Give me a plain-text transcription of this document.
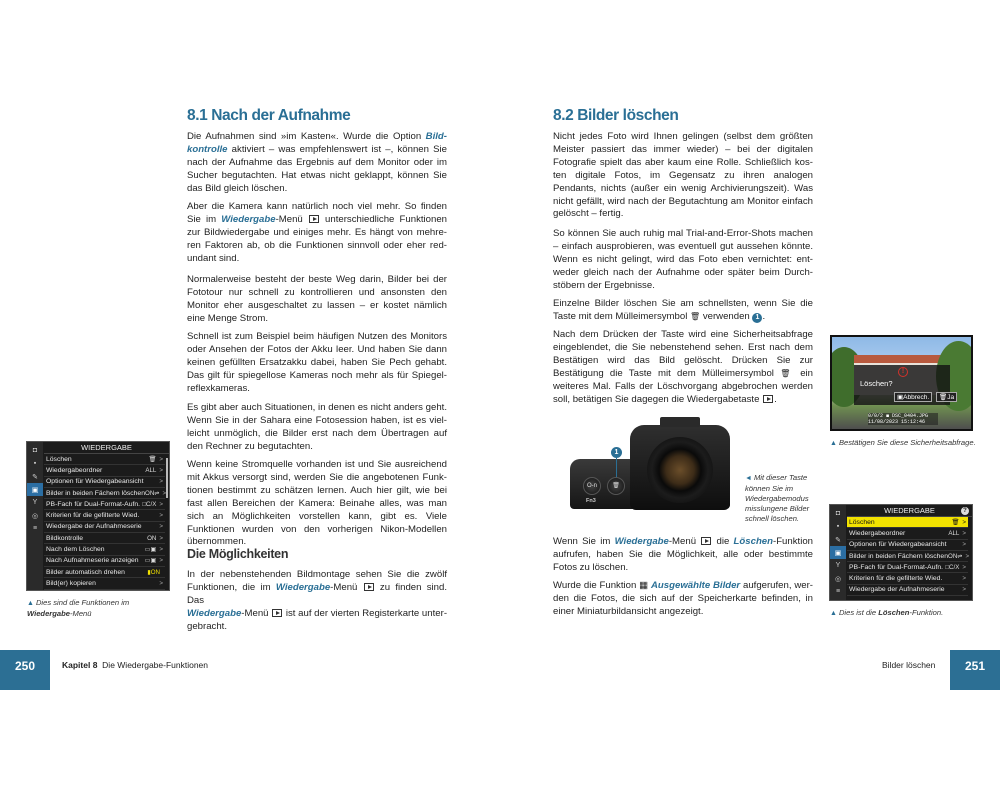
8.1 Nach der Aufnahme

Die Aufnahmen sind »im Kasten«. Wurde die Option Bildkontrolle aktiviert – was empfehlenswert ist –, können Sie nach der Aufnahme das Ergebnis auf dem Monitor oder im Sucher begutachten. Hat etwas nicht geklappt, können Sie das Bild gleich löschen.

Aber die Kamera kann natürlich noch viel mehr. So finden Sie im Wiedergabe-Menü  unterschiedliche Funktionen zur Bildwiedergabe und einiges mehr. Es hängt von mehreren Faktoren ab, ob die Funktionen sinnvoll oder eher redundant sind.

Normalerweise besteht der beste Weg darin, Bilder bei der Fototour nur schnell zu kontrollieren und ansonsten den Monitor eher ausgeschaltet zu lassen – er kostet nämlich eine Menge Strom.

Schnell ist zum Beispiel beim häufigen Nutzen des Monitors oder Ansehen der Fotos der Akku leer. Und haben Sie dann keinen gefüllten Ersatzakku dabei, haben Sie Pech gehabt. Das gilt für spiegellose Kameras noch mehr als für Spiegelreflexkameras.

Es gibt aber auch Situationen, in denen es nicht anders geht. Wenn Sie in der Sahara eine Fotosession haben, ist es vielleicht unmöglich, die Bilder erst nach dem Übertragen auf den Rechner zu begutachten.

Wenn keine Stromquelle vorhanden ist und Sie ausreichend mit Akkus versorgt sind, werden Sie die angebotenen Funktionen bestimmt zu schätzen lernen. Auch hier gilt, wie bei fast allen Bereichen der Kamera: Beinahe alles, was man sich an Möglichkeiten vorstellen kann, gibt es. Viele Funktionen wurden von den vorherigen Nikon-Modellen übernommen.

Die Möglichkeiten

In der nebenstehenden Bildmontage sehen Sie die zwölf Funktionen, die im Wiedergabe-Menü  zu finden sind. Das
Wiedergabe-Menü  ist auf der vierten Registerkarte untergebracht.

◘
▪
✎
▣
Y
◎
≡
WIEDERGABE
Löschen	🗑 >
Wiedergabeordner	ALL >
Optionen für Wiedergabeansicht	>
Bilder in beiden Fächern löschen ON⇌ >
PB-Fach für Dual-Format-Aufn. □C/X >
Kriterien für die gefilterte Wied.	>
Wiedergabe der Aufnahmeserie	>
Bildkontrolle	ON >
Nach dem Löschen	▭▣ >
Nach Aufnahmeserie anzeigen ▭▣ >
Bilder automatisch drehen	▮ON
Bild(er) kopieren	>

▲ Dies sind die Funktionen im
Wiedergabe-Menü

250	Kapitel 8 Die Wiedergabe-Funktionen
8.2 Bilder löschen

Nicht jedes Foto wird Ihnen gelingen (selbst dem größten Meister passiert das immer wieder) – bei der digitalen Fotografie spielt das aber kaum eine Rolle. Schließlich kosten digitale Fotos, im Gegensatz zu ihren analogen Pendants, nichts (außer ein wenig Archivierungszeit). Was nicht gefällt, wird nach der Begutachtung am Monitor einfach gelöscht – fertig.

So können Sie auch ruhig mal Trial-and-Error-Shots machen – einfach ausprobieren, was eventuell gut aussehen könnte. Wenn es nicht gelingt, wird das Foto eben vernichtet: entweder gleich nach der Aufnahme oder später beim Durchstöbern der Ergebnisse.

Einzelne Bilder löschen Sie am schnellsten, wenn Sie die Taste mit dem Mülleimersymbol 🗑 verwenden 1 .

Nach dem Drücken der Taste wird eine Sicherheitsabfrage eingeblendet, die Sie nebenstehend sehen. Erst nach dem Bestätigen wird das Bild gelöscht. Drücken Sie zur Bestätigung die Taste mit dem Mülleimersymbol 🗑 ein weiteres Mal. Falls der Löschvorgang abgebrochen werden soll, betätigen Sie dagegen die Wiedergabetaste .

O-n
Fn3
🗑
1

◄ Mit dieser Taste können Sie im Wiedergabemodus misslungene Bilder schnell löschen.

Wenn Sie im Wiedergabe-Menü  die Löschen-Funktion aufrufen, haben Sie die Möglichkeit, alle oder bestimmte Fotos zu löschen.

Wurde die Funktion ▦ Ausgewählte Bilder aufgerufen, werden die Fotos, die sich auf der Speicherkarte befinden, in einer Miniaturbildansicht angezeigt.

!
Löschen?
▣Abbrech.	🗑Ja
0/0/2 ◼ DSC_0404.JPG
11/08/2023 15:12:46

▲ Bestätigen Sie diese Sicherheitsabfrage.

◘
▪
✎
▣
Y
◎
≡
WIEDERGABE	?
Löschen	🗑 >
Wiedergabeordner	ALL >
Optionen für Wiedergabeansicht	>
Bilder in beiden Fächern löschen ON⇌ >
PB-Fach für Dual-Format-Aufn. □C/X >
Kriterien für die gefilterte Wied.	>
Wiedergabe der Aufnahmeserie	>

▲ Dies ist die Löschen-Funktion.

Bilder löschen	251
